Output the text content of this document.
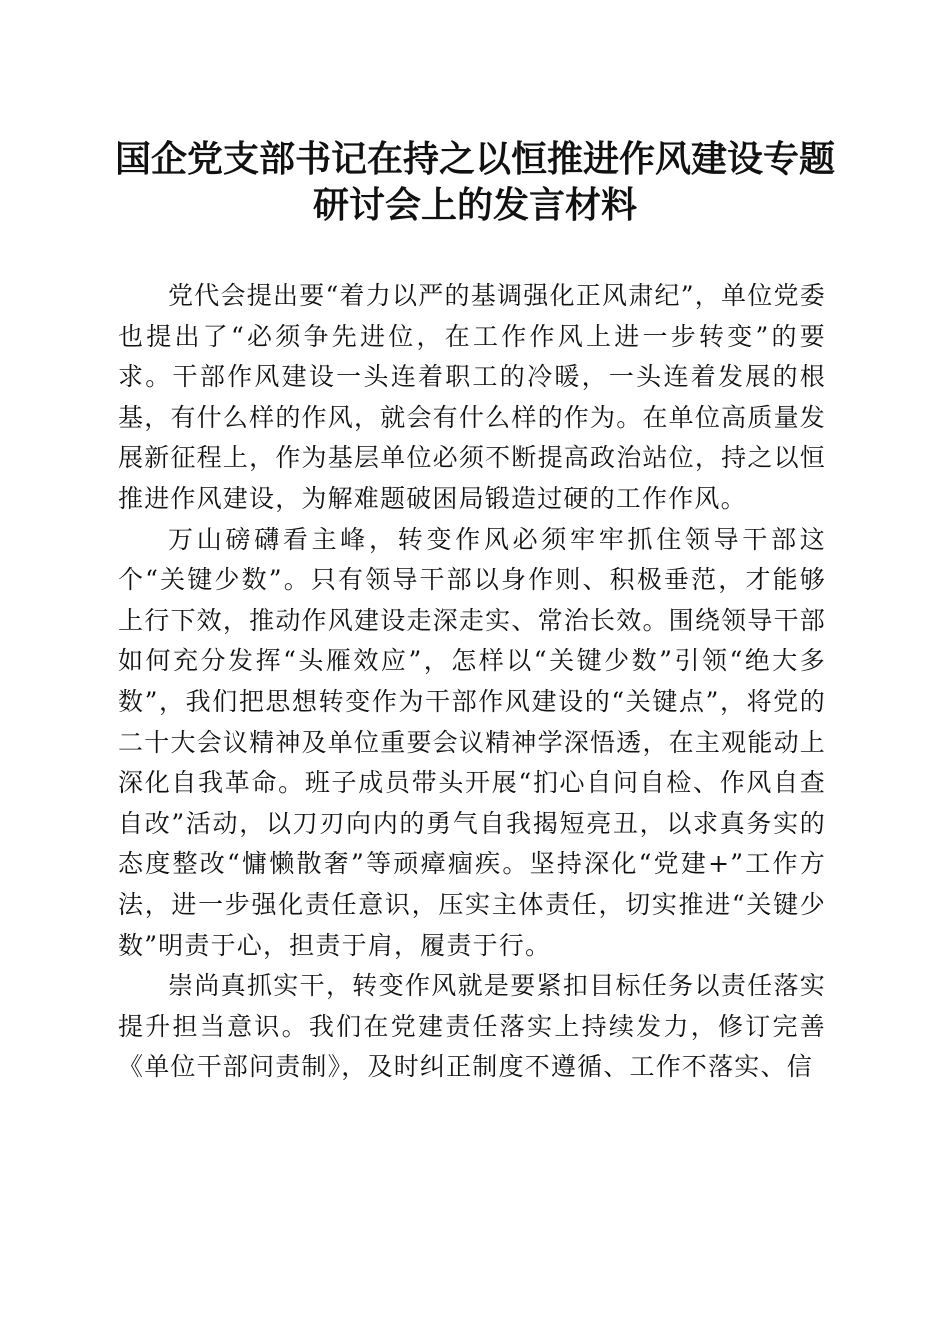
国企党支部书记在持之以恒推进作风建设专题研讨会上的发言材料

党代会提出要“着力以严的基调强化正风肃纪”，单位党委也提出了“必须争先进位，在工作作风上进一步转变”的要求。干部作风建设一头连着职工的冷暖，一头连着发展的根基，有什么样的作风，就会有什么样的作为。在单位高质量发展新征程上，作为基层单位必须不断提高政治站位，持之以恒推进作风建设，为解难题破困局锻造过硬的工作作风。

万山磅礴看主峰，转变作风必须牢牢抓住领导干部这个“关键少数”。只有领导干部以身作则、积极垂范，才能够上行下效，推动作风建设走深走实、常治长效。围绕领导干部如何充分发挥“头雁效应”，怎样以“关键少数”引领“绝大多数”，我们把思想转变作为干部作风建设的“关键点”，将党的二十大会议精神及单位重要会议精神学深悟透，在主观能动上深化自我革命。班子成员带头开展“扪心自问自检、作风自查自改”活动，以刀刃向内的勇气自我揭短亮丑，以求真务实的态度整改“慵懒散奢”等顽瘴痼疾。坚持深化“党建+”工作方法，进一步强化责任意识，压实主体责任，切实推进“关键少数”明责于心，担责于肩，履责于行。

崇尚真抓实干，转变作风就是要紧扣目标任务以责任落实提升担当意识。我们在党建责任落实上持续发力，修订完善《单位干部问责制》，及时纠正制度不遵循、工作不落实、信
